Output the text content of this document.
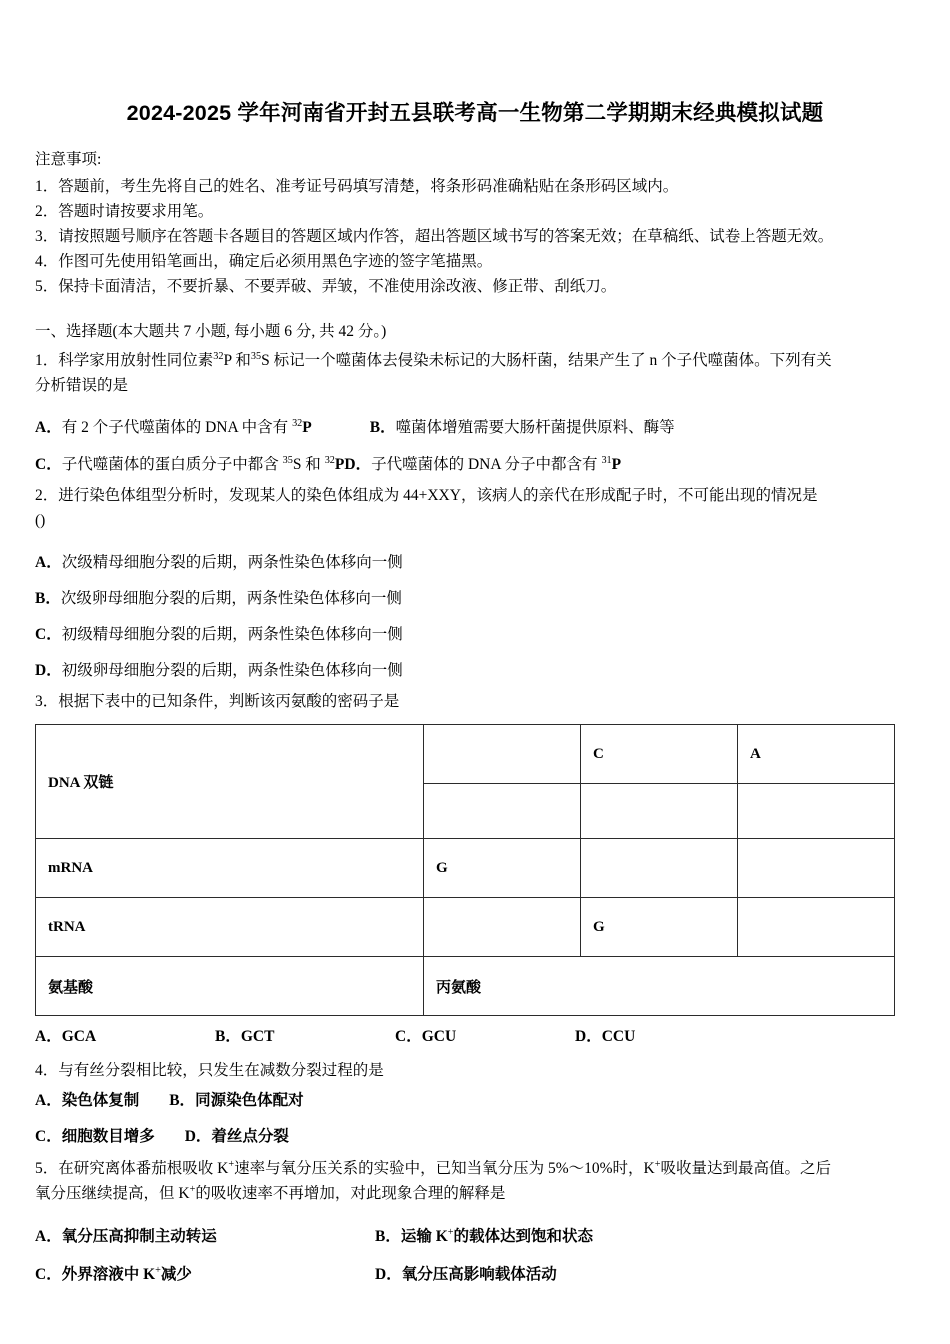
2024-2025 学年河南省开封五县联考高一生物第二学期期末经典模拟试题

注意事项:

1．答题前，考生先将自己的姓名、准考证号码填写清楚，将条形码准确粘贴在条形码区域内。

2．答题时请按要求用笔。

3．请按照题号顺序在答题卡各题目的答题区域内作答，超出答题区域书写的答案无效；在草稿纸、试卷上答题无效。

4．作图可先使用铅笔画出，确定后必须用黑色字迹的签字笔描黑。

5．保持卡面清洁，不要折暴、不要弄破、弄皱，不准使用涂改液、修正带、刮纸刀。

一、选择题(本大题共 7 小题, 每小题 6 分, 共 42 分。)

1．科学家用放射性同位素$^{32}$P 和$^{35}$S 标记一个噬菌体去侵染未标记的大肠杆菌，结果产生了 n 个子代噬菌体。下列有关

分析错误的是

A．有 2 个子代噬菌体的 DNA 中含有 $^{32}$P	B．噬菌体增殖需要大肠杆菌提供原料、酶等

C．子代噬菌体的蛋白质分子中都含 $^{35}$S 和 $^{32}$PD．子代噬菌体的 DNA 分子中都含有 $^{31}$P

2．进行染色体组型分析时，发现某人的染色体组成为 44+XXY，该病人的亲代在形成配子时，不可能出现的情况是

()

A．次级精母细胞分裂的后期，两条性染色体移向一侧

B．次级卵母细胞分裂的后期，两条性染色体移向一侧

C．初级精母细胞分裂的后期，两条性染色体移向一侧

D．初级卵母细胞分裂的后期，两条性染色体移向一侧

3．根据下表中的已知条件，判断该丙氨酸的密码子是

DNA 双链		C	A

mRNA	G		
tRNA		G	
氨基酸	丙氨酸		
A．GCA	B．GCT	C．GCU	D．CCU

4．与有丝分裂相比较，只发生在减数分裂过程的是

A．染色体复制 B．同源染色体配对

C．细胞数目增多 D．着丝点分裂

5．在研究离体番茄根吸收 K+速率与氧分压关系的实验中，已知当氧分压为 5%～10%时，K+吸收量达到最高值。之后

氧分压继续提高，但 K+的吸收速率不再增加，对此现象合理的解释是

A．氧分压高抑制主动转运	B．运输 K+的载体达到饱和状态
C．外界溶液中 K+减少	D．氧分压高影响载体活动
